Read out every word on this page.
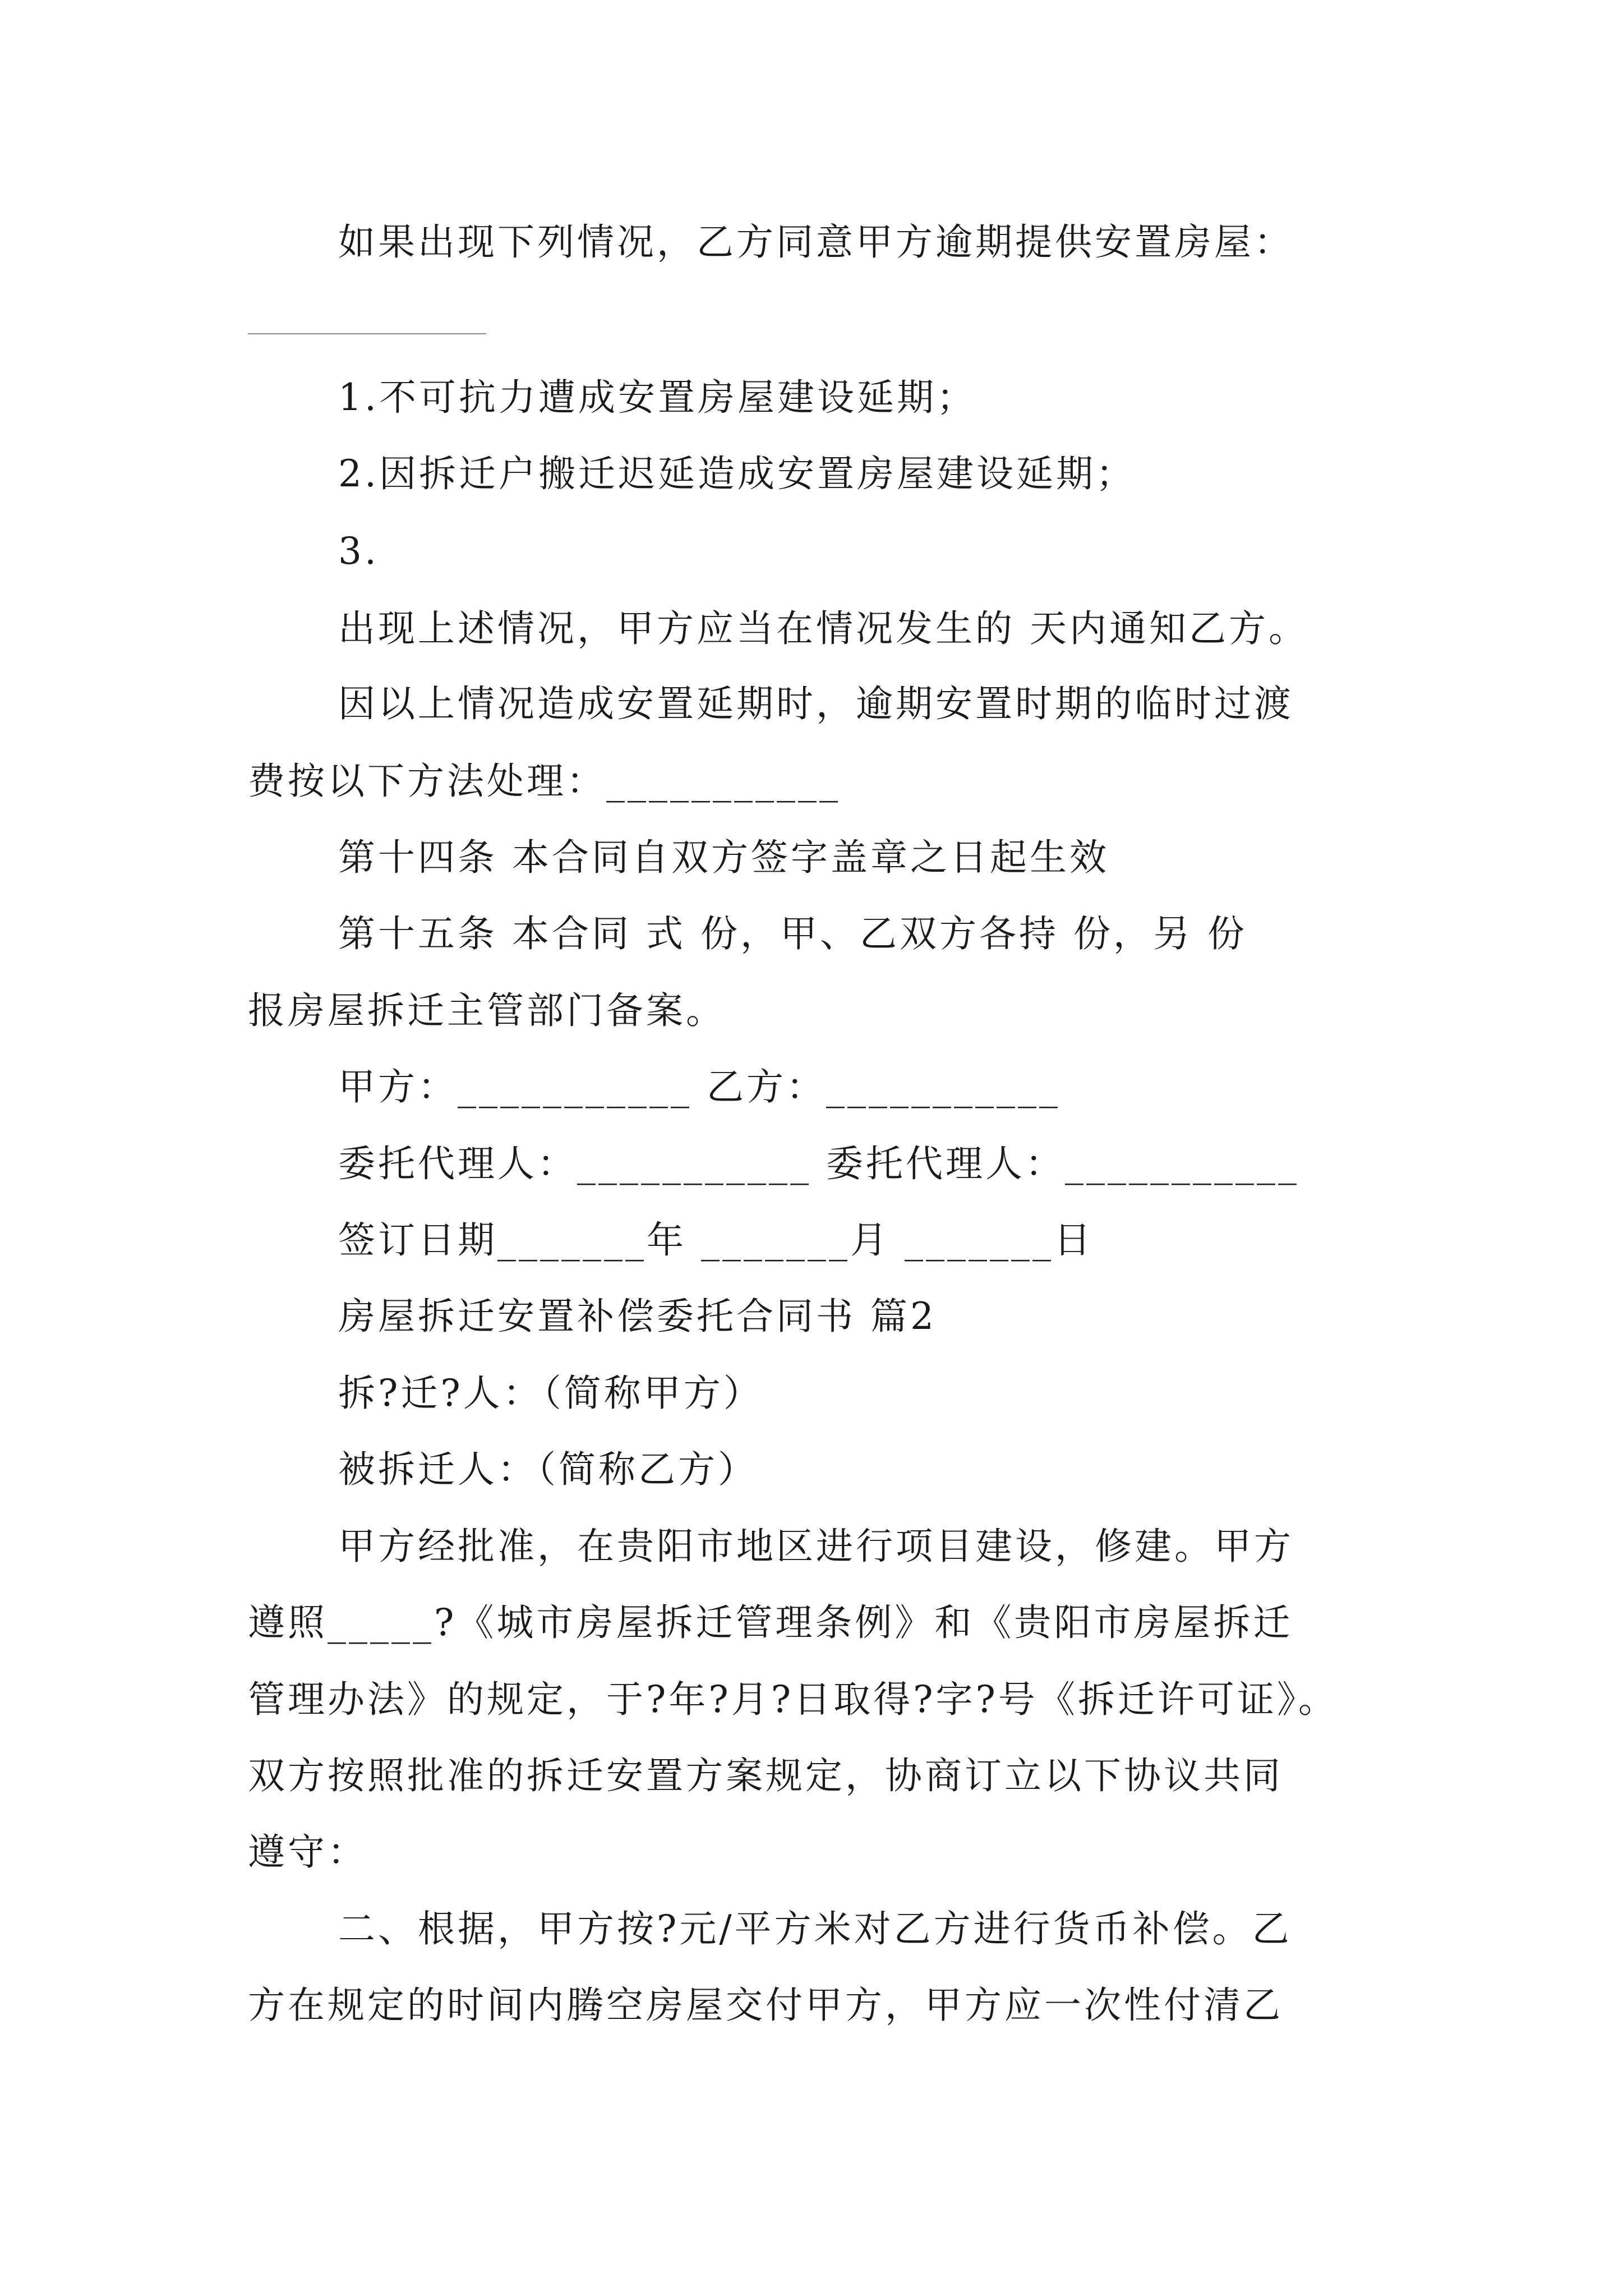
如果出现下列情况，乙方同意甲方逾期提供安置房屋：
1.不可抗力遭成安置房屋建设延期；
2.因拆迁户搬迁迟延造成安置房屋建设延期；
3.
出现上述情况，甲方应当在情况发生的 天内通知乙方。
因以上情况造成安置延期时，逾期安置时期的临时过渡
费按以下方法处理：___________
第十四条 本合同自双方签字盖章之日起生效
第十五条 本合同 式 份，甲、乙双方各持 份，另 份
报房屋拆迁主管部门备案。
甲方：___________ 乙方：___________
委托代理人：___________ 委托代理人：___________
签订日期_______年 _______月 _______日
房屋拆迁安置补偿委托合同书 篇2
拆?迁?人：（简称甲方）
被拆迁人：（简称乙方）
甲方经批准，在贵阳市地区进行项目建设，修建。甲方
遵照_____?《城市房屋拆迁管理条例》和《贵阳市房屋拆迁
管理办法》的规定，于?年?月?日取得?字?号《拆迁许可证》。
双方按照批准的拆迁安置方案规定，协商订立以下协议共同
遵守：
二、根据，甲方按?元/平方米对乙方进行货币补偿。乙
方在规定的时间内腾空房屋交付甲方，甲方应一次性付清乙
